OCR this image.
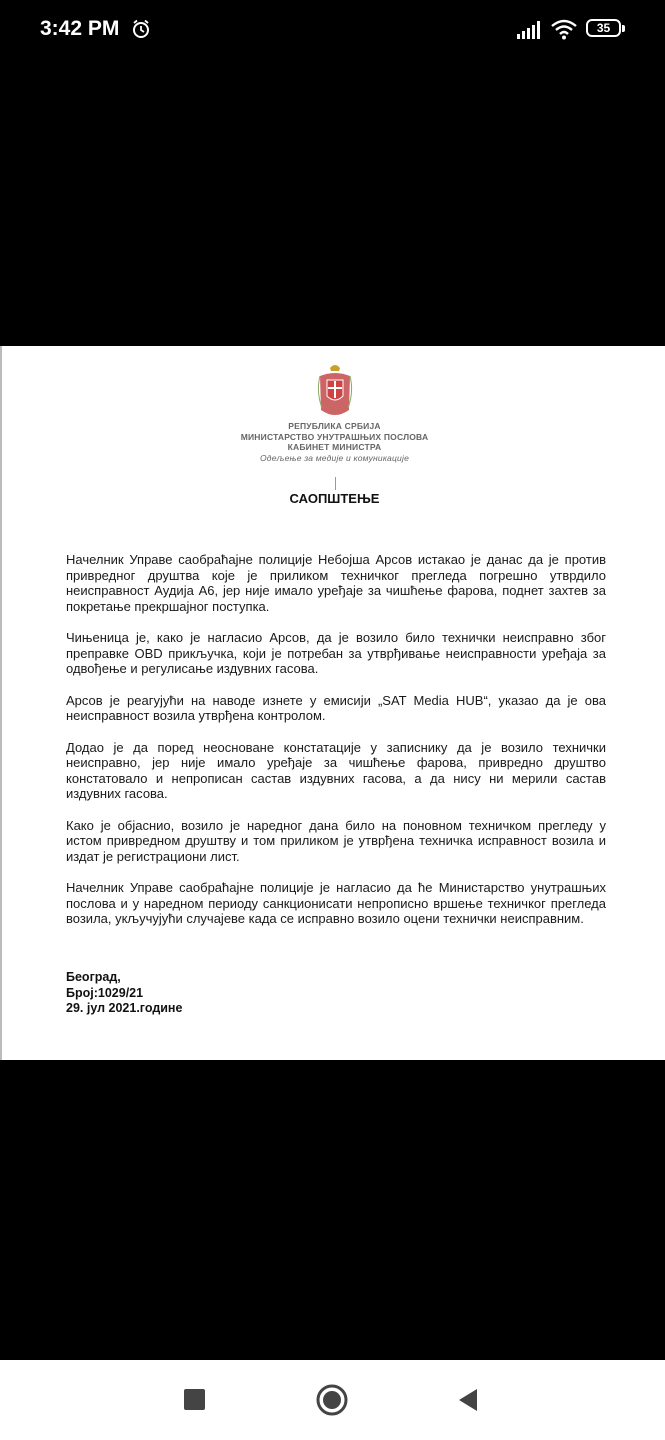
3:42 PM	35
РЕПУБЛИКА СРБИЈА
МИНИСТАРСТВО УНУТРАШЊИХ ПОСЛОВА
КАБИНЕТ МИНИСТРА
Одељење за медије и комуникације
САОПШТЕЊЕ

Начелник Управе саобраћајне полиције Небојша Арсов истакао је данас да је против привредног друштва које је приликом техничког прегледа погрешно утврдило неисправност Аудија А6, јер није имало уређаје за чишћење фарова, поднет захтев за покретање прекршајног поступка.

Чињеница је, како је нагласио Арсов, да је возило било технички неисправно због преправке OBD прикључка, који је потребан за утврђивање неисправности уређаја за одвођење и регулисање издувних гасова.

Арсов је реагујући на наводе изнете у емисији „SAT Media HUB“, указао да је ова неисправност возила утврђена контролом.

Додао је да поред неосноване констатације у записнику да је возило технички неисправно, јер није имало уређаје за чишћење фарова, привредно друштво констатовало и непрописан састав издувних гасова, а да нису ни мерили састав издувних гасова.

Како је објаснио, возило је наредног дана било на поновном техничком прегледу у истом привредном друштву и том приликом је утврђена техничка исправност возила и издат је регистрациони лист.

Начелник Управе саобраћајне полиције је нагласио да ће Министарство унутрашњих послова и у наредном периоду санкционисати непрописно вршење техничког прегледа возила, укључујући случајеве када се исправно возило оцени технички неисправним.

Београд,
Број:1029/21
29. јул 2021.године
